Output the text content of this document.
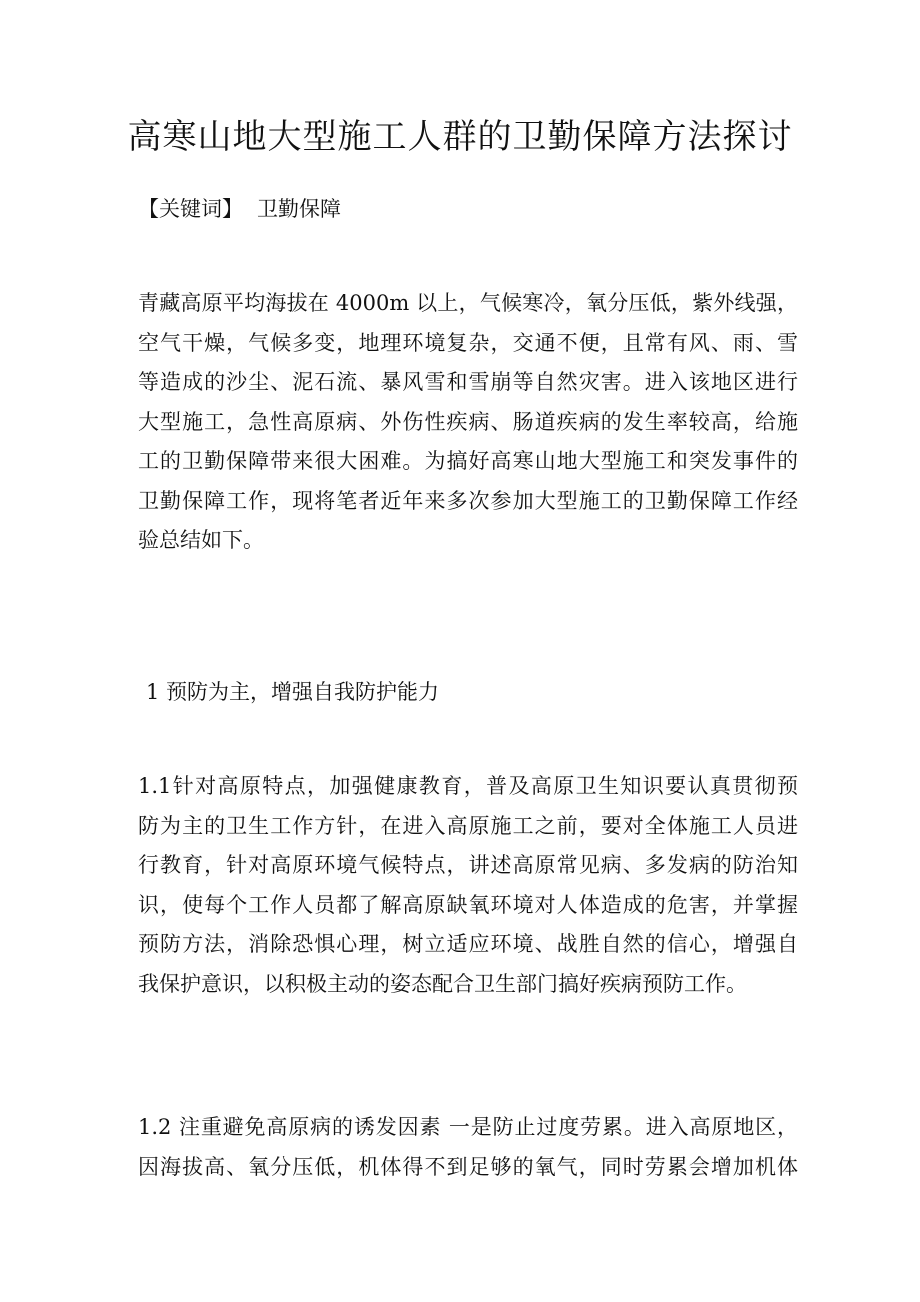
高寒山地大型施工人群的卫勤保障方法探讨
【关键词】 卫勤保障

青藏高原平均海拔在 4000m 以上，气候寒冷，氧分压低，紫外线强，
空气干燥，气候多变，地理环境复杂，交通不便，且常有风、雨、雪
等造成的沙尘、泥石流、暴风雪和雪崩等自然灾害。进入该地区进行
大型施工，急性高原病、外伤性疾病、肠道疾病的发生率较高，给施
工的卫勤保障带来很大困难。为搞好高寒山地大型施工和突发事件的
卫勤保障工作，现将笔者近年来多次参加大型施工的卫勤保障工作经
验总结如下。

1 预防为主，增强自我防护能力

1.1针对高原特点，加强健康教育，普及高原卫生知识要认真贯彻预
防为主的卫生工作方针，在进入高原施工之前，要对全体施工人员进
行教育，针对高原环境气候特点，讲述高原常见病、多发病的防治知
识，使每个工作人员都了解高原缺氧环境对人体造成的危害，并掌握
预防方法，消除恐惧心理，树立适应环境、战胜自然的信心，增强自
我保护意识，以积极主动的姿态配合卫生部门搞好疾病预防工作。

1.2 注重避免高原病的诱发因素 一是防止过度劳累。进入高原地区，
因海拔高、氧分压低，机体得不到足够的氧气，同时劳累会增加机体
